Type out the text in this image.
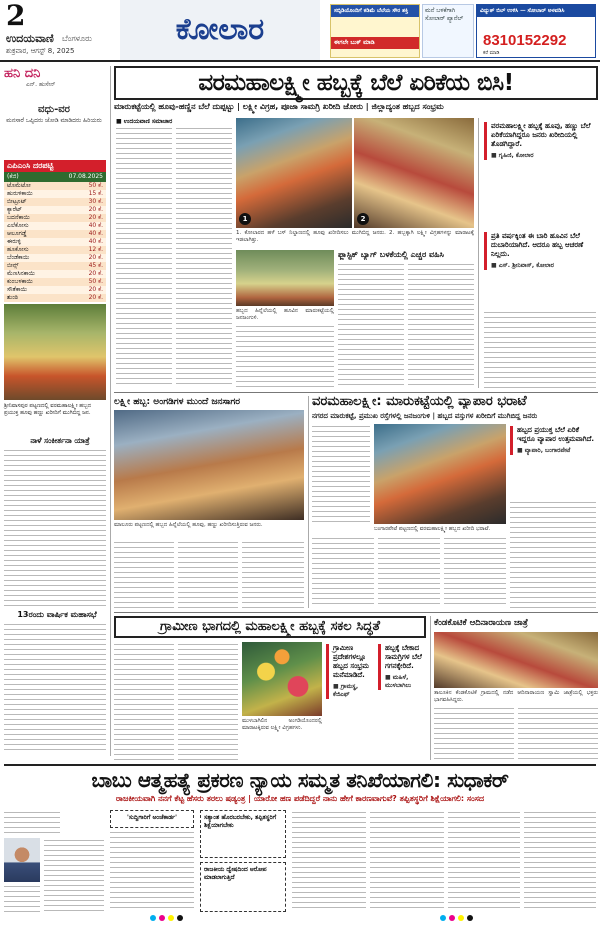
2
ಉದಯವಾಣಿ ಬೆಂಗಳೂರು
ಶುಕ್ರವಾರ, ಆಗಸ್ಟ್ 8, 2025
ಕೋಲಾರ
ಸಬ್ಸಿಡಿಯೊಂದಿಗೆ ಕಡಿಮೆ ಬೆಲೆಯ ಸೌರ ಶಕ್ತಿ
ಈಗಲೇ ಬುಕ್ ಮಾಡಿ
ಮನೆ ಬಳಕೆಗಾಗಿ ಸೋಲಾರ್ ಪ್ಯಾನೆಲ್
ವಿದ್ಯುತ್ ಬಿಲ್ ಉಳಿಸಿ — ಸೋಲಾರ್ ಅಳವಡಿಸಿ
8310152292
ಕರೆ ಮಾಡಿ
ಹನಿ ದನಿ
ಎನ್. ಹುಸೇನ್
ವಧು-ವರ

ಮನಸಾರೆ ಒಪ್ಪಿದರು ಜೋಡಿ ಮಾಡಿದರು ಹಿರಿಯರು

ಎಪಿಎಂಸಿ ದರಪಟ್ಟಿ
(ಕೆಜಿ)	07.08.2025
ಟೊಮೆಟೋ	50 ಕೆ.
ಹುರುಳಿಕಾಯಿ	15 ಕೆ.
ಬೀಟ್ರೂಟ್	30 ಕೆ.
ಕ್ಯಾರೆಟ್	20 ಕೆ.
ಬದನೆಕಾಯಿ	20 ಕೆ.
ಎಲೆಕೋಸು	40 ಕೆ.
ಆಲೂಗಡ್ಡೆ	40 ಕೆ.
ಈರುಳ್ಳಿ	40 ಕೆ.
ಹೂಕೋಸು	12 ಕೆ.
ಬೆಂಡೆಕಾಯಿ	20 ಕೆ.
ಬೀನ್ಸ್	45 ಕೆ.
ಮೆಣಸಿನಕಾಯಿ	20 ಕೆ.
ಕುಂಬಳಕಾಯಿ	50 ಕೆ.
ಸೌತೆಕಾಯಿ	20 ಕೆ.
ಶುಂಠಿ	20 ಕೆ.
ಶ್ರೀನಿವಾಸಪುರ ಪಟ್ಟಣದಲ್ಲಿ ವರಮಹಾಲಕ್ಷ್ಮೀ ಹಬ್ಬದ ಪ್ರಯುಕ್ತ ಹೂವು ಹಣ್ಣು ಖರೀದಿಗೆ ಮುಗಿಬಿದ್ದ ಜನ.
ನಾಳೆ ಸಂಕೀರ್ತನಾ ಯಾತ್ರೆ
13ರಂದು ವಾರ್ಷಿಕ ಮಹಾಸಭೆ
ವರಮಹಾಲಕ್ಷ್ಮೀ ಹಬ್ಬಕ್ಕೆ ಬೆಲೆ ಏರಿಕೆಯ ಬಿಸಿ!
ಮಾರುಕಟ್ಟೆಯಲ್ಲಿ ಹೂವು-ಹಣ್ಣಿನ ಬೆಲೆ ದುಪ್ಪಟ್ಟು | ಲಕ್ಷ್ಮೀ ವಿಗ್ರಹ, ಪೂಜಾ ಸಾಮಗ್ರಿ ಖರೀದಿ ಜೋರು | ಜಿಲ್ಲಾದ್ಯಂತ ಹಬ್ಬದ ಸಂಭ್ರಮ
■ ಉದಯವಾಣಿ ಸಮಾಚಾರ
1	2
1. ಕೋಲಾರದ ಹಳೆ ಬಸ್ ನಿಲ್ದಾಣದಲ್ಲಿ ಹೂವು ಖರೀದಿಸಲು ಮುಗಿಬಿದ್ದ ಜನರು. 2. ಹಬ್ಬಕ್ಕಾಗಿ ಲಕ್ಷ್ಮೀ ವಿಗ್ರಹಗಳನ್ನು ಮಾರಾಟಕ್ಕೆ ಇಡಲಾಗಿತ್ತು.
ಹಬ್ಬದ ಹಿನ್ನೆಲೆಯಲ್ಲಿ ಹೂವಿನ ಮಾರುಕಟ್ಟೆಯಲ್ಲಿ ಜನಜಂಗುಳಿ.
ಫ್ಲಾಸ್ಟಿಕ್ ಬ್ಯಾಗ್ ಬಳಕೆಯಲ್ಲಿ ಎಚ್ಚರ ವಹಿಸಿ
ವರಮಹಾಲಕ್ಷ್ಮೀ ಹಬ್ಬಕ್ಕೆ ಹೂವು, ಹಣ್ಣು ಬೆಲೆ ಏರಿಕೆಯಾಗಿದ್ದರೂ ಜನರು ಖರೀದಿಯಲ್ಲಿ ತೊಡಗಿದ್ದಾರೆ.
■ ಗೃಹಿಣಿ, ಕೋಲಾರ
ಪ್ರತಿ ವರ್ಷಕ್ಕಿಂತ ಈ ಬಾರಿ ಹೂವಿನ ಬೆಲೆ ದುಬಾರಿಯಾಗಿದೆ. ಆದರೂ ಹಬ್ಬ ಆಚರಣೆ ನಿಲ್ಲದು.
■ ಎಸ್. ಶ್ರೀನಿವಾಸ್, ಕೋಲಾರ
ಲಕ್ಷ್ಮೀ ಹಬ್ಬ: ಅಂಗಡಿಗಳ ಮುಂದೆ ಜನಸಾಗರ
ಮಾಲೂರು ಪಟ್ಟಣದಲ್ಲಿ ಹಬ್ಬದ ಹಿನ್ನೆಲೆಯಲ್ಲಿ ಹೂವು, ಹಣ್ಣು ಖರೀದಿಸುತ್ತಿರುವ ಜನರು.
ವರಮಹಾಲಕ್ಷ್ಮೀ: ಮಾರುಕಟ್ಟೆಯಲ್ಲಿ ವ್ಯಾಪಾರ ಭರಾಟೆ
ನಗರದ ಮಾರುಕಟ್ಟೆ, ಪ್ರಮುಖ ರಸ್ತೆಗಳಲ್ಲಿ ಜನಜಂಗುಳಿ | ಹಬ್ಬದ ವಸ್ತುಗಳ ಖರೀದಿಗೆ ಮುಗಿಬಿದ್ದ ಜನರು
ಹಬ್ಬದ ಪ್ರಯುಕ್ತ ಬೆಲೆ ಏರಿಕೆ ಇದ್ದರೂ ವ್ಯಾಪಾರ ಉತ್ತಮವಾಗಿದೆ.
■ ವ್ಯಾಪಾರಿ, ಬಂಗಾರಪೇಟೆ
ಬಂಗಾರಪೇಟೆ ಪಟ್ಟಣದಲ್ಲಿ ವರಮಹಾಲಕ್ಷ್ಮೀ ಹಬ್ಬದ ಖರೀದಿ ಭರಾಟೆ.
ಗ್ರಾಮೀಣ ಭಾಗದಲ್ಲಿ ಮಹಾಲಕ್ಷ್ಮೀ ಹಬ್ಬಕ್ಕೆ ಸಕಲ ಸಿದ್ಧತೆ
ಮುಳಬಾಗಿಲಿನ ಅಂಗಡಿಯೊಂದರಲ್ಲಿ ಮಾರಾಟಕ್ಕಿರುವ ಲಕ್ಷ್ಮೀ ವಿಗ್ರಹಗಳು.
ಗ್ರಾಮೀಣ ಪ್ರದೇಶಗಳಲ್ಲೂ ಹಬ್ಬದ ಸಂಭ್ರಮ ಮನೆಮಾಡಿದೆ.
■ ಗ್ರಾಮಸ್ಥ, ಕೆಜಿಎಫ್
ಹಬ್ಬಕ್ಕೆ ಬೇಕಾದ ಸಾಮಗ್ರಿಗಳ ಬೆಲೆ ಗಗನಕ್ಕೇರಿದೆ.
■ ಮಹಿಳೆ, ಮುಳಬಾಗಿಲು
ಕೆಂಡಕೊಟಿಕೆ ಆದಿನಾರಾಯಣ ಜಾತ್ರೆ
ತಾಲೂಕಿನ ಕೆಂಡಕೊಟಿಕೆ ಗ್ರಾಮದಲ್ಲಿ ನಡೆದ ಆದಿನಾರಾಯಣ ಸ್ವಾಮಿ ಜಾತ್ರೆಯಲ್ಲಿ ಭಕ್ತರು ಭಾಗವಹಿಸಿದ್ದರು.
ಬಾಬು ಆತ್ಮಹತ್ಯೆ ಪ್ರಕರಣ ನ್ಯಾಯ ಸಮ್ಮತ ತನಿಖೆಯಾಗಲಿ: ಸುಧಾಕರ್
ರಾಜಕೀಯವಾಗಿ ನನಗೆ ಕೆಟ್ಟ ಹೆಸರು ತರಲು ಷಡ್ಯಂತ್ರ | ಯಾರೋ ಹಣ ಪಡೆದಿದ್ದರೆ ನಾನು ಹೇಗೆ ಕಾರಣವಾಗುವೆ? ತಪ್ಪಿತಸ್ಥರಿಗೆ ಶಿಕ್ಷೆಯಾಗಲಿ: ಸಂಸದ
'ಸುದ್ದಿಗಾರಿಗೆ ಅಂಚೆಕಾರ್ಡ'	ಸತ್ಯಾಂಶ ಹೊರಬರಬೇಕು, ತಪ್ಪಿತಸ್ಥರಿಗೆ ಶಿಕ್ಷೆಯಾಗಬೇಕು
ರಾಜಕೀಯ ದ್ವೇಷದಿಂದ ಆರೋಪ ಮಾಡಲಾಗುತ್ತಿದೆ
